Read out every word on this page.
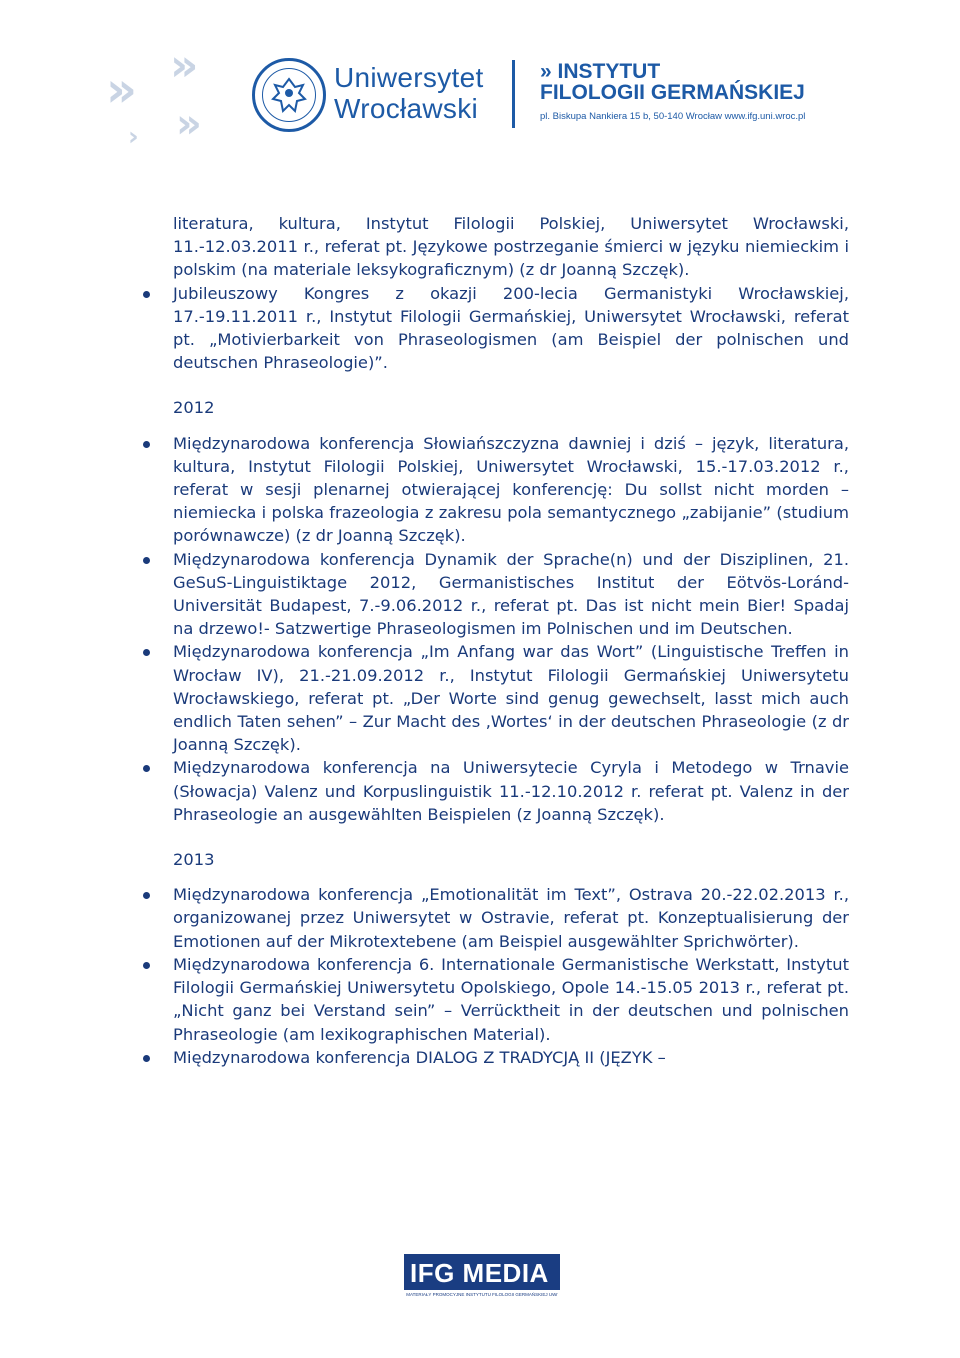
» »
»
›
Uniwersytet
Wrocławski
» INSTYTUT
FILOLOGII GERMAŃSKIEJ
pl. Biskupa Nankiera 15 b, 50-140 Wrocław www.ifg.uni.wroc.pl
literatura, kultura, Instytut Filologii Polskiej, Uniwersytet Wrocławski, 11.-12.03.2011 r., referat pt. Językowe postrzeganie śmierci w języku niemieckim i polskim (na materiale leksykograficznym) (z dr Joanną Szczęk).
Jubileuszowy Kongres z okazji 200-lecia Germanistyki Wrocławskiej, 17.-19.11.2011 r., Instytut Filologii Germańskiej, Uniwersytet Wrocławski, referat pt. „Motivierbarkeit von Phraseologismen (am Beispiel der polnischen und deutschen Phraseologie)”.
2012
Międzynarodowa konferencja Słowiańszczyzna dawniej i dziś – język, literatura, kultura, Instytut Filologii Polskiej, Uniwersytet Wrocławski, 15.-17.03.2012 r., referat w sesji plenarnej otwierającej konferencję: Du sollst nicht morden – niemiecka i polska frazeologia z zakresu pola semantycznego „zabijanie” (studium porównawcze) (z dr Joanną Szczęk).
Międzynarodowa konferencja Dynamik der Sprache(n) und der Disziplinen, 21. GeSuS-Linguistiktage 2012, Germanistisches Institut der Eötvös-Loránd-Universität Budapest, 7.-9.06.2012 r., referat pt. Das ist nicht mein Bier! Spadaj na drzewo!- Satzwertige Phraseologismen im Polnischen und im Deutschen.
Międzynarodowa konferencja „Im Anfang war das Wort” (Linguistische Treffen in Wrocław IV), 21.-21.09.2012 r., Instytut Filologii Germańskiej Uniwersytetu Wrocławskiego, referat pt. „Der Worte sind genug gewechselt, lasst mich auch endlich Taten sehen” – Zur Macht des ‚Wortes‘ in der deutschen Phraseologie (z dr Joanną Szczęk).
Międzynarodowa konferencja na Uniwersytecie Cyryla i Metodego w Trnavie (Słowacja) Valenz und Korpuslinguistik 11.-12.10.2012 r. referat pt. Valenz in der Phraseologie an ausgewählten Beispielen (z Joanną Szczęk).
2013
Międzynarodowa konferencja „Emotionalität im Text”, Ostrava 20.-22.02.2013 r., organizowanej przez Uniwersytet w Ostravie, referat pt. Konzeptualisierung der Emotionen auf der Mikrotextebene (am Beispiel ausgewählter Sprichwörter).
Międzynarodowa konferencja 6. Internationale Germanistische Werkstatt, Instytut Filologii Germańskiej Uniwersytetu Opolskiego, Opole 14.-15.05 2013 r., referat pt. „Nicht ganz bei Verstand sein” – Verrücktheit in der deutschen und polnischen Phraseologie (am lexikographischen Material).
Międzynarodowa konferencja DIALOG Z TRADYCJĄ II (JĘZYK –
IFG MEDIA
MATERIAŁY PROMOCYJNE INSTYTUTU FILOLOGII GERMAŃSKIEJ UWr
